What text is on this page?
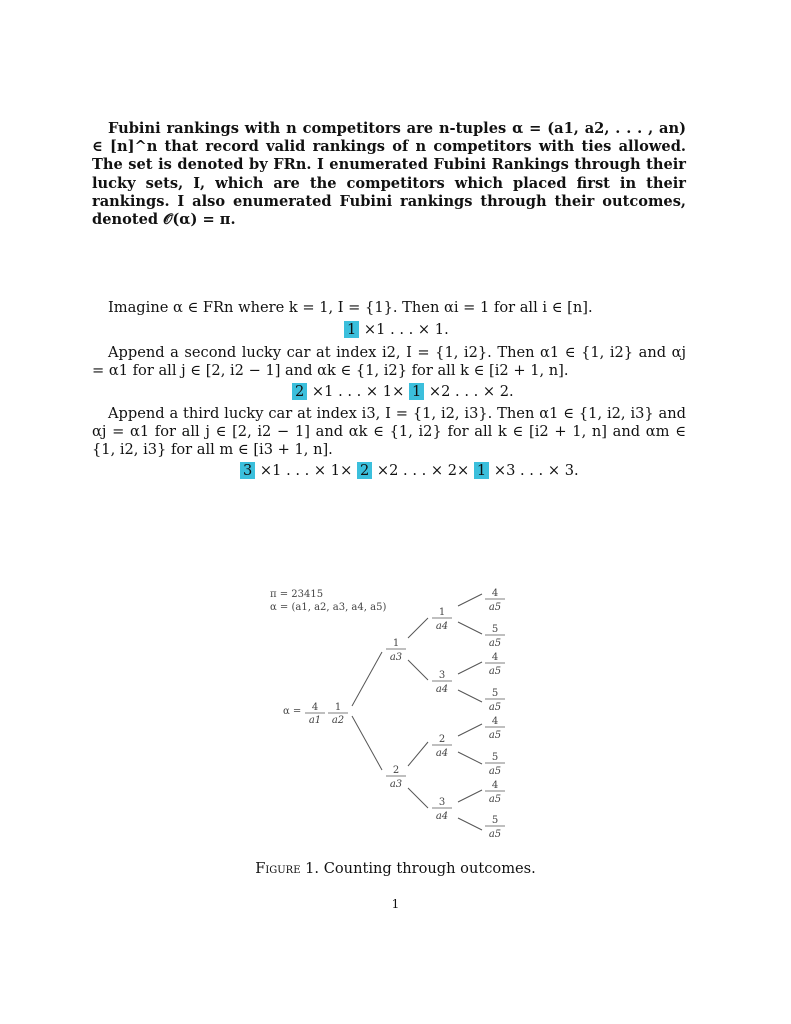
Fubini rankings with n competitors are n-tuples α = (a1, a2, . . . , an) ∈ [n]^n that record valid rankings of n competitors with ties allowed. The set is denoted by FRn. I enumerated Fubini Rankings through their lucky sets, I, which are the competitors which placed first in their rankings. I also enumerated Fubini rankings through their outcomes, denoted 𝒪(α) = π.
Imagine α ∈ FRn where k = 1, I = {1}. Then αi = 1 for all i ∈ [n].
1 ×1 . . . × 1.
Append a second lucky car at index i2, I = {1, i2}. Then α1 ∈ {1, i2} and αj = α1 for all j ∈ [2, i2 − 1] and αk ∈ {1, i2} for all k ∈ [i2 + 1, n].
2 ×1 . . . × 1× 1 ×2 . . . × 2.
Append a third lucky car at index i3, I = {1, i2, i3}. Then α1 ∈ {1, i2, i3} and αj = α1 for all j ∈ [2, i2 − 1] and αk ∈ {1, i2} for all k ∈ [i2 + 1, n] and αm ∈ {1, i2, i3} for all m ∈ [i3 + 1, n].
3 ×1 . . . × 1× 2 ×2 . . . × 2× 1 ×3 . . . × 3.
π = 23415
α = (a1, a2, a3, a4, a5)
α = 4
a1
1
a2
1
a3
2
a3
1
a4
3
a4
2
a4
3
a4
4
a5
5
a5
4
a5
5
a5
4
a5
5
a5
4
a5
5
a5
Figure 1. Counting through outcomes.
1
